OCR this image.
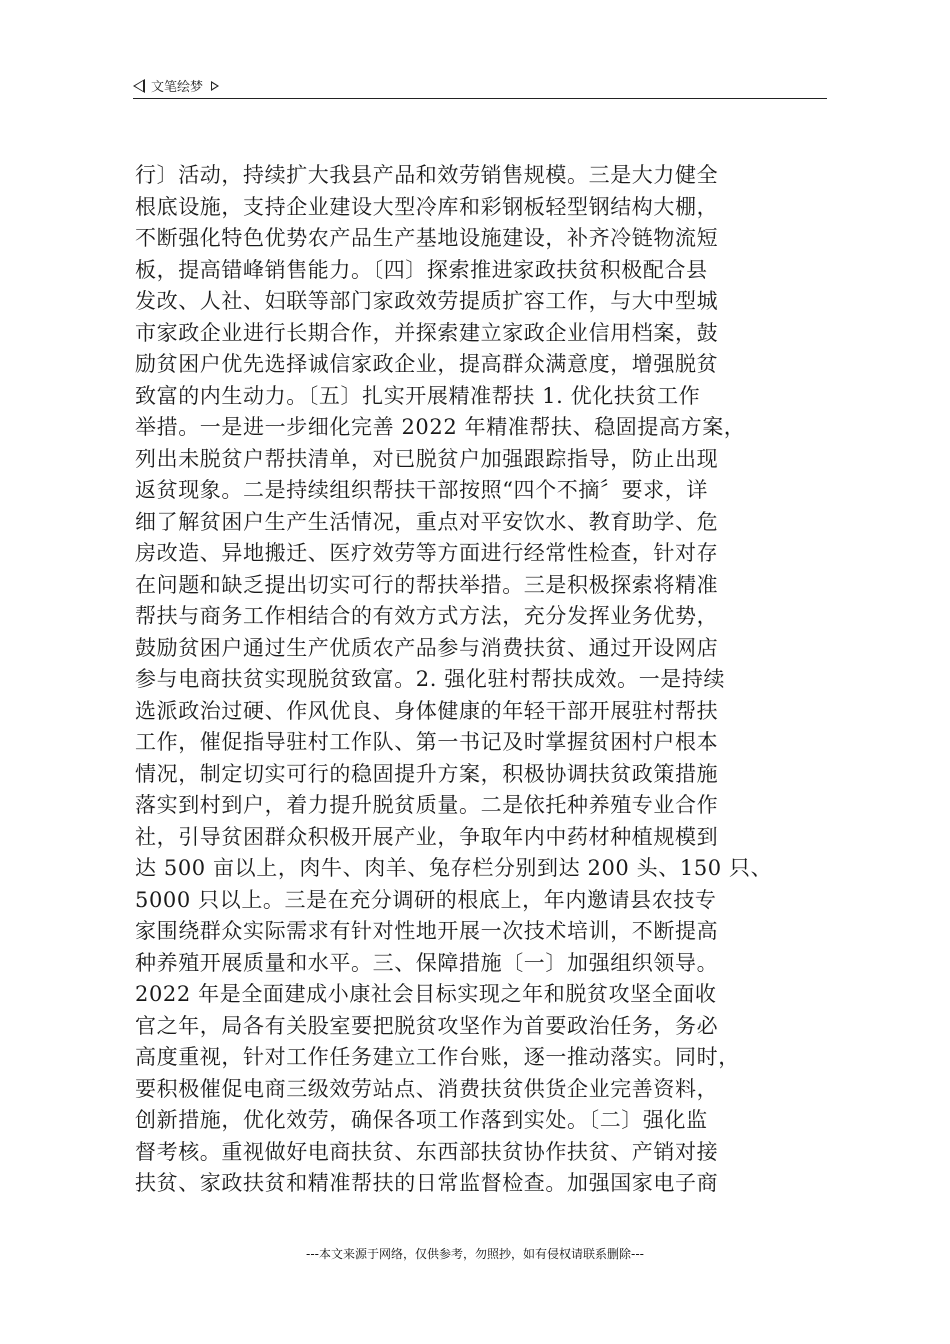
文笔绘梦
行〕活动，持续扩大我县产品和效劳销售规模。三是大力健全
根底设施，支持企业建设大型冷库和彩钢板轻型钢结构大棚，
不断强化特色优势农产品生产基地设施建设，补齐冷链物流短
板，提高错峰销售能力。〔四〕探索推进家政扶贫积极配合县
发改、人社、妇联等部门家政效劳提质扩容工作，与大中型城
市家政企业进行长期合作，并探索建立家政企业信用档案，鼓
励贫困户优先选择诚信家政企业，提高群众满意度，增强脱贫
致富的内生动力。〔五〕扎实开展精准帮扶 1. 优化扶贫工作
举措。一是进一步细化完善 2022 年精准帮扶、稳固提高方案，
列出未脱贫户帮扶清单，对已脱贫户加强跟踪指导，防止出现
返贫现象。二是持续组织帮扶干部按照“四个不摘〞要求，详
细了解贫困户生产生活情况，重点对平安饮水、教育助学、危
房改造、异地搬迁、医疗效劳等方面进行经常性检查，针对存
在问题和缺乏提出切实可行的帮扶举措。三是积极探索将精准
帮扶与商务工作相结合的有效方式方法，充分发挥业务优势，
鼓励贫困户通过生产优质农产品参与消费扶贫、通过开设网店
参与电商扶贫实现脱贫致富。2. 强化驻村帮扶成效。一是持续
选派政治过硬、作风优良、身体健康的年轻干部开展驻村帮扶
工作，催促指导驻村工作队、第一书记及时掌握贫困村户根本
情况，制定切实可行的稳固提升方案，积极协调扶贫政策措施
落实到村到户，着力提升脱贫质量。二是依托种养殖专业合作
社，引导贫困群众积极开展产业，争取年内中药材种植规模到
达 500 亩以上，肉牛、肉羊、兔存栏分别到达 200 头、150 只、
5000 只以上。三是在充分调研的根底上，年内邀请县农技专
家围绕群众实际需求有针对性地开展一次技术培训，不断提高
种养殖开展质量和水平。三、保障措施〔一〕加强组织领导。
2022 年是全面建成小康社会目标实现之年和脱贫攻坚全面收
官之年，局各有关股室要把脱贫攻坚作为首要政治任务，务必
高度重视，针对工作任务建立工作台账，逐一推动落实。同时，
要积极催促电商三级效劳站点、消费扶贫供货企业完善资料，
创新措施，优化效劳，确保各项工作落到实处。〔二〕强化监
督考核。重视做好电商扶贫、东西部扶贫协作扶贫、产销对接
扶贫、家政扶贫和精准帮扶的日常监督检查。加强国家电子商
---本文来源于网络，仅供参考，勿照抄，如有侵权请联系删除---
